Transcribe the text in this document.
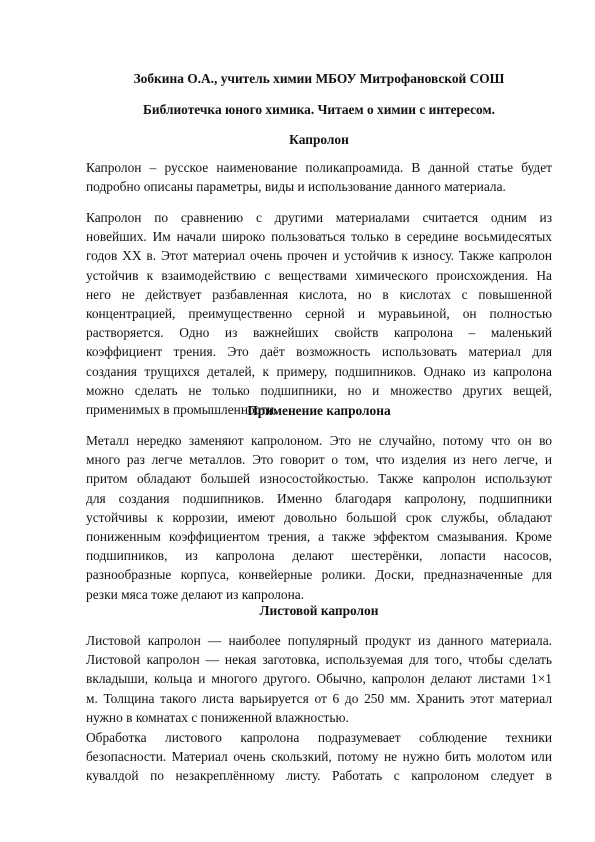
Зобкина О.А., учитель химии МБОУ Митрофановской СОШ

Библиотечка юного химика. Читаем о химии с интересом.

Капролон

Капролон – русское наименование поликапроамида. В данной статье будет
подробно описаны параметры, виды и использование данного материала.
Капролон по сравнению с другими материалами считается одним из
новейших. Им начали широко пользоваться только в середине восьмидесятых
годов XX в. Этот материал очень прочен и устойчив к износу. Также капролон
устойчив к взаимодействию с веществами химического происхождения. На
него не действует разбавленная кислота, но в кислотах с повышенной
концентрацией, преимущественно серной и муравьиной, он полностью
растворяется. Одно из важнейших свойств капролона – маленький
коэффициент трения. Это даёт возможность использовать материал для
создания трущихся деталей, к примеру, подшипников. Однако из капролона
можно сделать не только подшипники, но и множество других вещей,
применимых в промышленности.

Применение капролона

Металл нередко заменяют капролоном. Это не случайно, потому что он во
много раз легче металлов. Это говорит о том, что изделия из него легче, и
притом обладают большей износостойкостью. Также капролон используют
для создания подшипников. Именно благодаря капролону, подшипники
устойчивы к коррозии, имеют довольно большой срок службы, обладают
пониженным коэффициентом трения, а также эффектом смазывания. Кроме
подшипников, из капролона делают шестерёнки, лопасти насосов,
разнообразные корпуса, конвейерные ролики. Доски, предназначенные для
резки мяса тоже делают из капролона.

Листовой капролон

Листовой капролон — наиболее популярный продукт из данного материала.
Листовой капролон — некая заготовка, используемая для того, чтобы сделать
вкладыши, кольца и многого другого. Обычно, капролон делают листами 1×1
м. Толщина такого листа варьируется от 6 до 250 мм. Хранить этот материал
нужно в комнатах с пониженной влажностью.
Обработка листового капролона подразумевает соблюдение техники
безопасности. Материал очень скользкий, потому не нужно бить молотом или
кувалдой по незакреплённому листу. Работать с капролоном следует в
